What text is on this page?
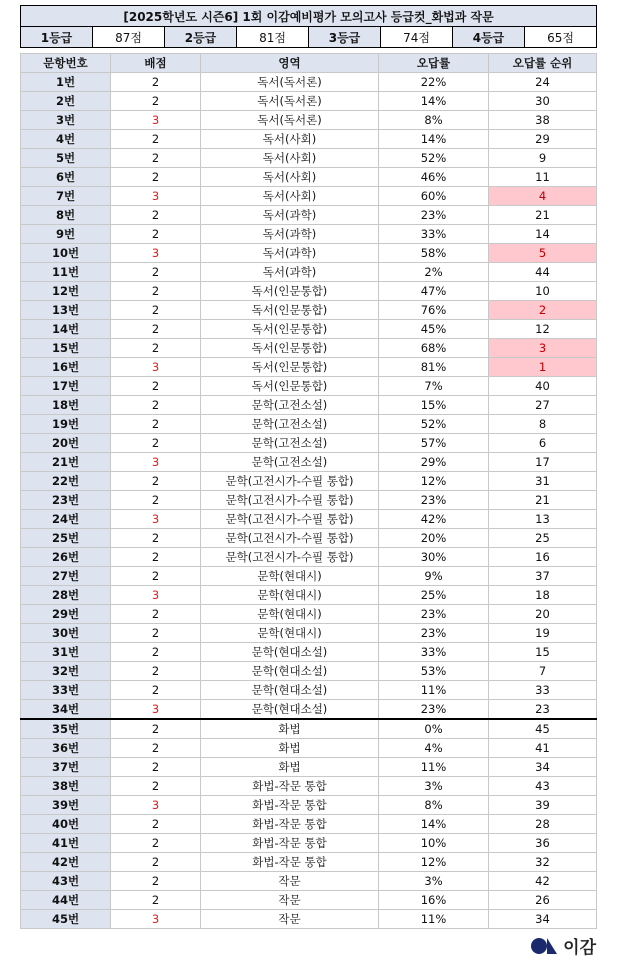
[2025학년도 시즌6] 1회 이감예비평가 모의고사 등급컷_화법과 작문
1등급	87점	2등급	81점	3등급	74점	4등급	65점
문항번호	배점	영역	오답률	오답률 순위
1번	2	독서(독서론)	22%	24
2번	2	독서(독서론)	14%	30
3번	3	독서(독서론)	8%	38
4번	2	독서(사회)	14%	29
5번	2	독서(사회)	52%	9
6번	2	독서(사회)	46%	11
7번	3	독서(사회)	60%	4
8번	2	독서(과학)	23%	21
9번	2	독서(과학)	33%	14
10번	3	독서(과학)	58%	5
11번	2	독서(과학)	2%	44
12번	2	독서(인문통합)	47%	10
13번	2	독서(인문통합)	76%	2
14번	2	독서(인문통합)	45%	12
15번	2	독서(인문통합)	68%	3
16번	3	독서(인문통합)	81%	1
17번	2	독서(인문통합)	7%	40
18번	2	문학(고전소설)	15%	27
19번	2	문학(고전소설)	52%	8
20번	2	문학(고전소설)	57%	6
21번	3	문학(고전소설)	29%	17
22번	2	문학(고전시가-수필 통합)	12%	31
23번	2	문학(고전시가-수필 통합)	23%	21
24번	3	문학(고전시가-수필 통합)	42%	13
25번	2	문학(고전시가-수필 통합)	20%	25
26번	2	문학(고전시가-수필 통합)	30%	16
27번	2	문학(현대시)	9%	37
28번	3	문학(현대시)	25%	18
29번	2	문학(현대시)	23%	20
30번	2	문학(현대시)	23%	19
31번	2	문학(현대소설)	33%	15
32번	2	문학(현대소설)	53%	7
33번	2	문학(현대소설)	11%	33
34번	3	문학(현대소설)	23%	23
35번	2	화법	0%	45
36번	2	화법	4%	41
37번	2	화법	11%	34
38번	2	화법-작문 통합	3%	43
39번	3	화법-작문 통합	8%	39
40번	2	화법-작문 통합	14%	28
41번	2	화법-작문 통합	10%	36
42번	2	화법-작문 통합	12%	32
43번	2	작문	3%	42
44번	2	작문	16%	26
45번	3	작문	11%	34
이감
